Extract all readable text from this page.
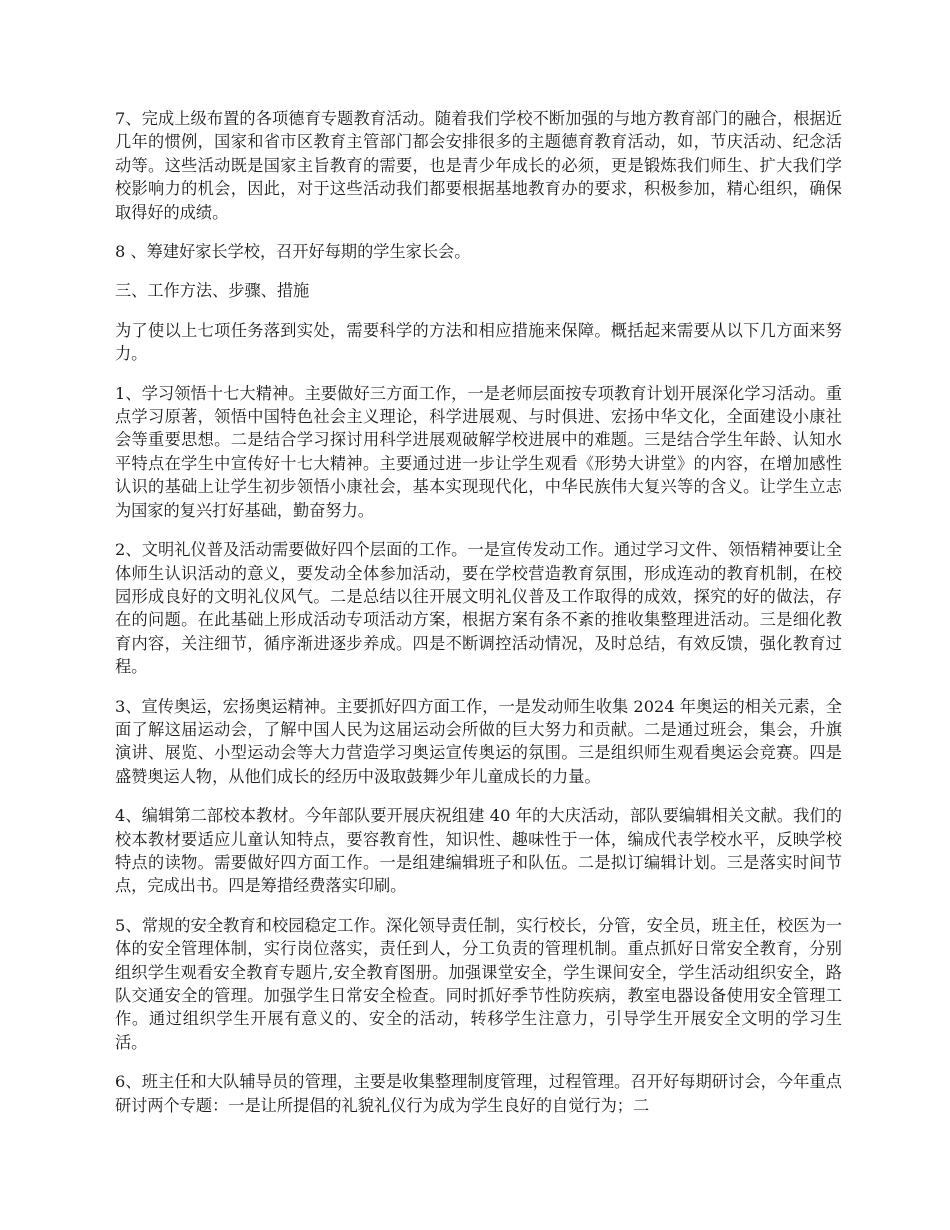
7、完成上级布置的各项德育专题教育活动。随着我们学校不断加强的与地方教育部门的融合，根据近几年的惯例，国家和省市区教育主管部门都会安排很多的主题德育教育活动，如，节庆活动、纪念活动等。这些活动既是国家主旨教育的需要，也是青少年成长的必须，更是锻炼我们师生、扩大我们学校影响力的机会，因此，对于这些活动我们都要根据基地教育办的要求，积极参加，精心组织，确保取得好的成绩。

8 、筹建好家长学校，召开好每期的学生家长会。

三、工作方法、步骤、措施

为了使以上七项任务落到实处，需要科学的方法和相应措施来保障。概括起来需要从以下几方面来努力。

1、学习领悟十七大精神。主要做好三方面工作，一是老师层面按专项教育计划开展深化学习活动。重点学习原著，领悟中国特色社会主义理论，科学进展观、与时俱进、宏扬中华文化，全面建设小康社会等重要思想。二是结合学习探讨用科学进展观破解学校进展中的难题。三是结合学生年龄、认知水平特点在学生中宣传好十七大精神。主要通过进一步让学生观看《形势大讲堂》的内容，在增加感性认识的基础上让学生初步领悟小康社会，基本实现现代化，中华民族伟大复兴等的含义。让学生立志为国家的复兴打好基础，勤奋努力。

2、文明礼仪普及活动需要做好四个层面的工作。一是宣传发动工作。通过学习文件、领悟精神要让全体师生认识活动的意义，要发动全体参加活动，要在学校营造教育氛围，形成连动的教育机制，在校园形成良好的文明礼仪风气。二是总结以往开展文明礼仪普及工作取得的成效，探究的好的做法，存在的问题。在此基础上形成活动专项活动方案，根据方案有条不紊的推收集整理进活动。三是细化教育内容，关注细节，循序渐进逐步养成。四是不断调控活动情况，及时总结，有效反馈，强化教育过程。

3、宣传奥运，宏扬奥运精神。主要抓好四方面工作，一是发动师生收集 2024 年奥运的相关元素，全面了解这届运动会，了解中国人民为这届运动会所做的巨大努力和贡献。二是通过班会，集会，升旗演讲、展览、小型运动会等大力营造学习奥运宣传奥运的氛围。三是组织师生观看奥运会竞赛。四是盛赞奥运人物，从他们成长的经历中汲取鼓舞少年儿童成长的力量。

4、编辑第二部校本教材。今年部队要开展庆祝组建 40 年的大庆活动，部队要编辑相关文献。我们的校本教材要适应儿童认知特点，要容教育性，知识性、趣味性于一体，编成代表学校水平，反映学校特点的读物。需要做好四方面工作。一是组建编辑班子和队伍。二是拟订编辑计划。三是落实时间节点，完成出书。四是筹措经费落实印刷。

5、常规的安全教育和校园稳定工作。深化领导责任制，实行校长，分管，安全员，班主任，校医为一体的安全管理体制，实行岗位落实，责任到人，分工负责的管理机制。重点抓好日常安全教育，分别组织学生观看安全教育专题片,安全教育图册。加强课堂安全，学生课间安全，学生活动组织安全，路队交通安全的管理。加强学生日常安全检查。同时抓好季节性防疾病，教室电器设备使用安全管理工作。通过组织学生开展有意义的、安全的活动，转移学生注意力，引导学生开展安全文明的学习生活。

6、班主任和大队辅导员的管理，主要是收集整理制度管理，过程管理。召开好每期研讨会，今年重点研讨两个专题：一是让所提倡的礼貌礼仪行为成为学生良好的自觉行为；二
